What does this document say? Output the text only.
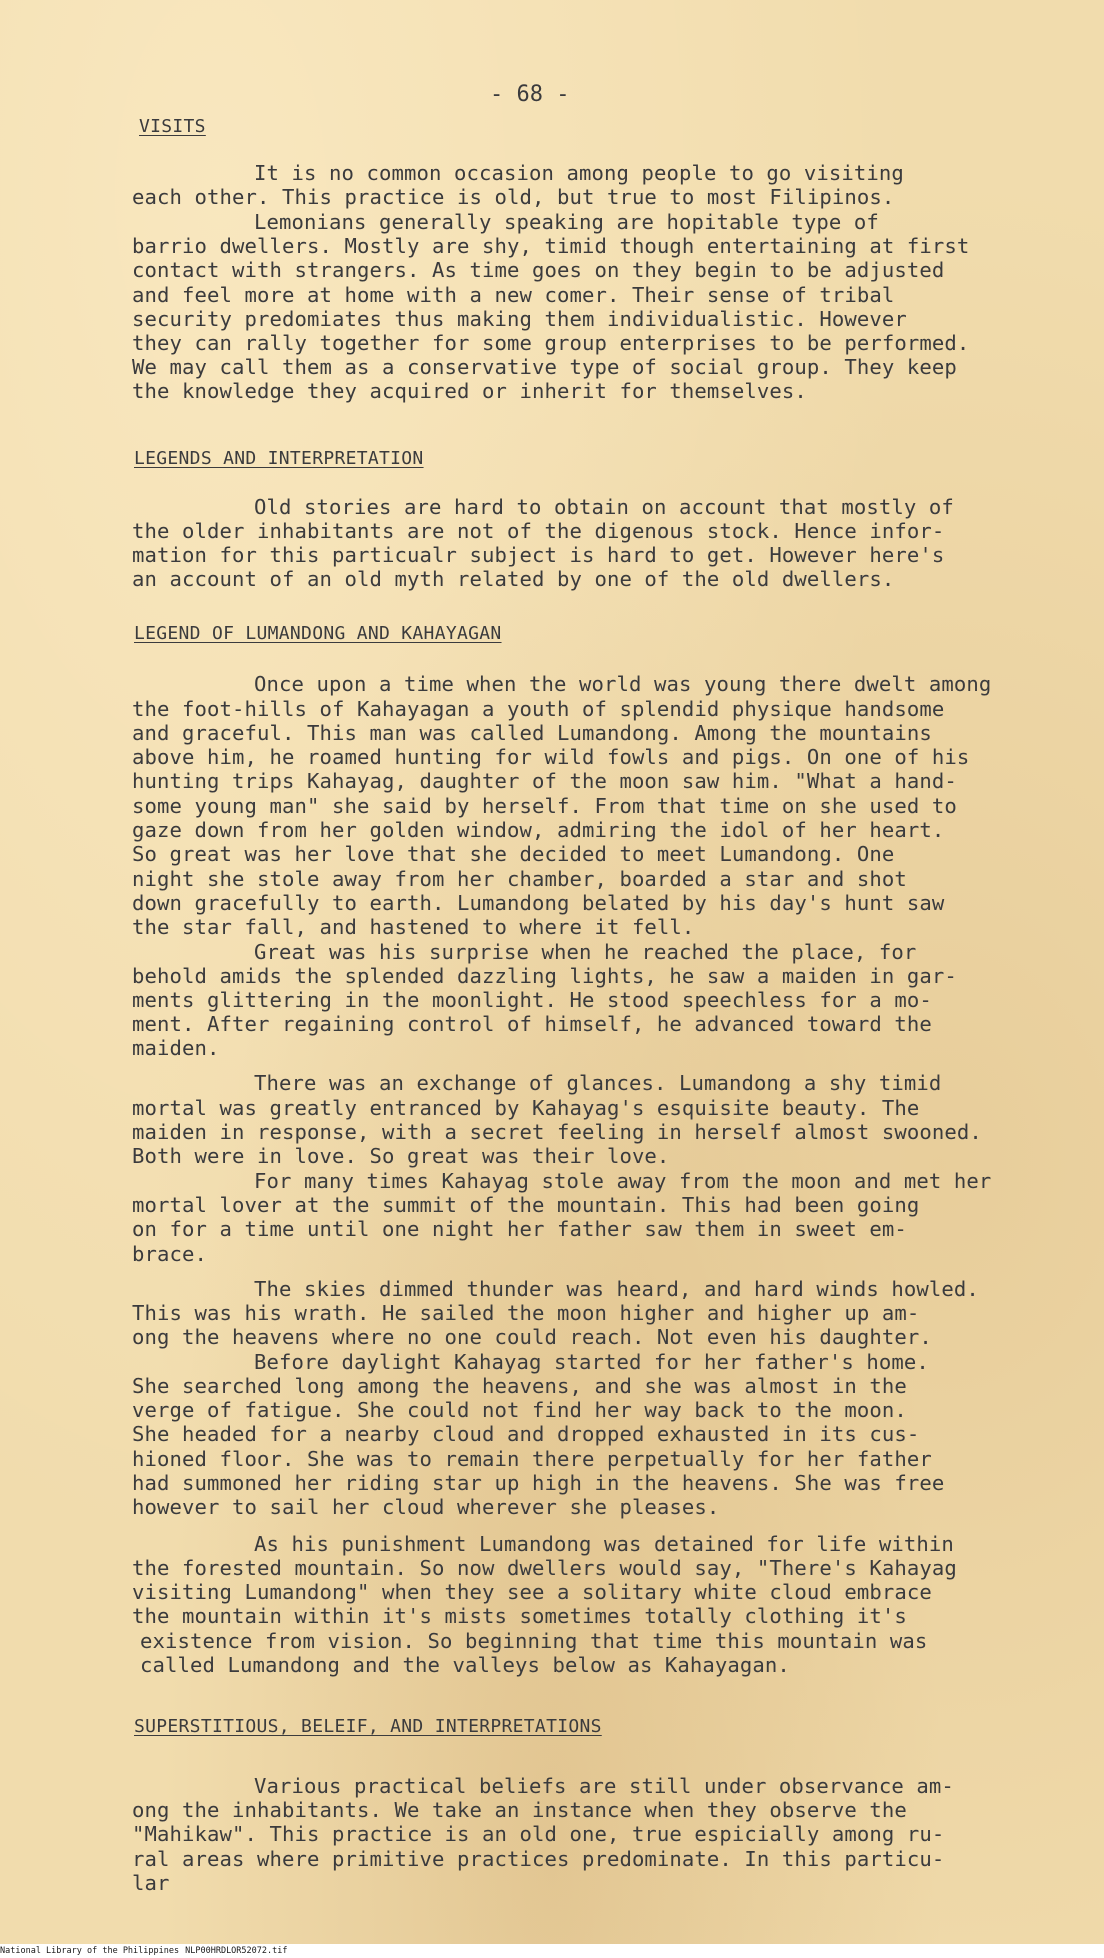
- 68 -
VISITS
It is no common occasion among people to go visiting
each other. This practice is old, but true to most Filipinos.
Lemonians generally speaking are hopitable type of
barrio dwellers. Mostly are shy, timid though entertaining at first
contact with strangers. As time goes on they begin to be adjusted
and feel more at home with a new comer. Their sense of tribal
security predomiates thus making them individualistic. However
they can rally together for some group enterprises to be performed.
We may call them as a conservative type of social group. They keep
the knowledge they acquired or inherit for themselves.
LEGENDS AND INTERPRETATION
Old stories are hard to obtain on account that mostly of
the older inhabitants are not of the digenous stock. Hence infor-
mation for this particualr subject is hard to get. However here's
an account of an old myth related by one of the old dwellers.
LEGEND OF LUMANDONG AND KAHAYAGAN
Once upon a time when the world was young there dwelt among
the foot-hills of Kahayagan a youth of splendid physique handsome
and graceful. This man was called Lumandong. Among the mountains
above him, he roamed hunting for wild fowls and pigs. On one of his
hunting trips Kahayag, daughter of the moon saw him. "What a hand-
some young man" she said by herself. From that time on she used to
gaze down from her golden window, admiring the idol of her heart.
So great was her love that she decided to meet Lumandong. One
night she stole away from her chamber, boarded a star and shot
down gracefully to earth. Lumandong belated by his day's hunt saw
the star fall, and hastened to where it fell.
Great was his surprise when he reached the place, for
behold amids the splended dazzling lights, he saw a maiden in gar-
ments glittering in the moonlight. He stood speechless for a mo-
ment. After regaining control of himself, he advanced toward the
maiden.
There was an exchange of glances. Lumandong a shy timid
mortal was greatly entranced by Kahayag's esquisite beauty. The
maiden in response, with a secret feeling in herself almost swooned.
Both were in love. So great was their love.
For many times Kahayag stole away from the moon and met her
mortal lover at the summit of the mountain. This had been going
on for a time until one night her father saw them in sweet em-
brace.
The skies dimmed thunder was heard, and hard winds howled.
This was his wrath. He sailed the moon higher and higher up am-
ong the heavens where no one could reach. Not even his daughter.
Before daylight Kahayag started for her father's home.
She searched long among the heavens, and she was almost in the
verge of fatigue. She could not find her way back to the moon.
She headed for a nearby cloud and dropped exhausted in its cus-
hioned floor. She was to remain there perpetually for her father
had summoned her riding star up high in the heavens. She was free
however to sail her cloud wherever she pleases.
As his punishment Lumandong was detained for life within
the forested mountain. So now dwellers would say, "There's Kahayag
visiting Lumandong" when they see a solitary white cloud embrace
the mountain within it's mists sometimes totally clothing it's
existence from vision. So beginning that time this mountain was
called Lumandong and the valleys below as Kahayagan.
SUPERSTITIOUS, BELEIF, AND INTERPRETATIONS
Various practical beliefs are still under observance am-
ong the inhabitants. We take an instance when they observe the
"Mahikaw". This practice is an old one, true espicially among ru-
ral areas where primitive practices predominate. In this particu-
lar
National Library of the Philippines NLP00HRDLOR52072.tif
